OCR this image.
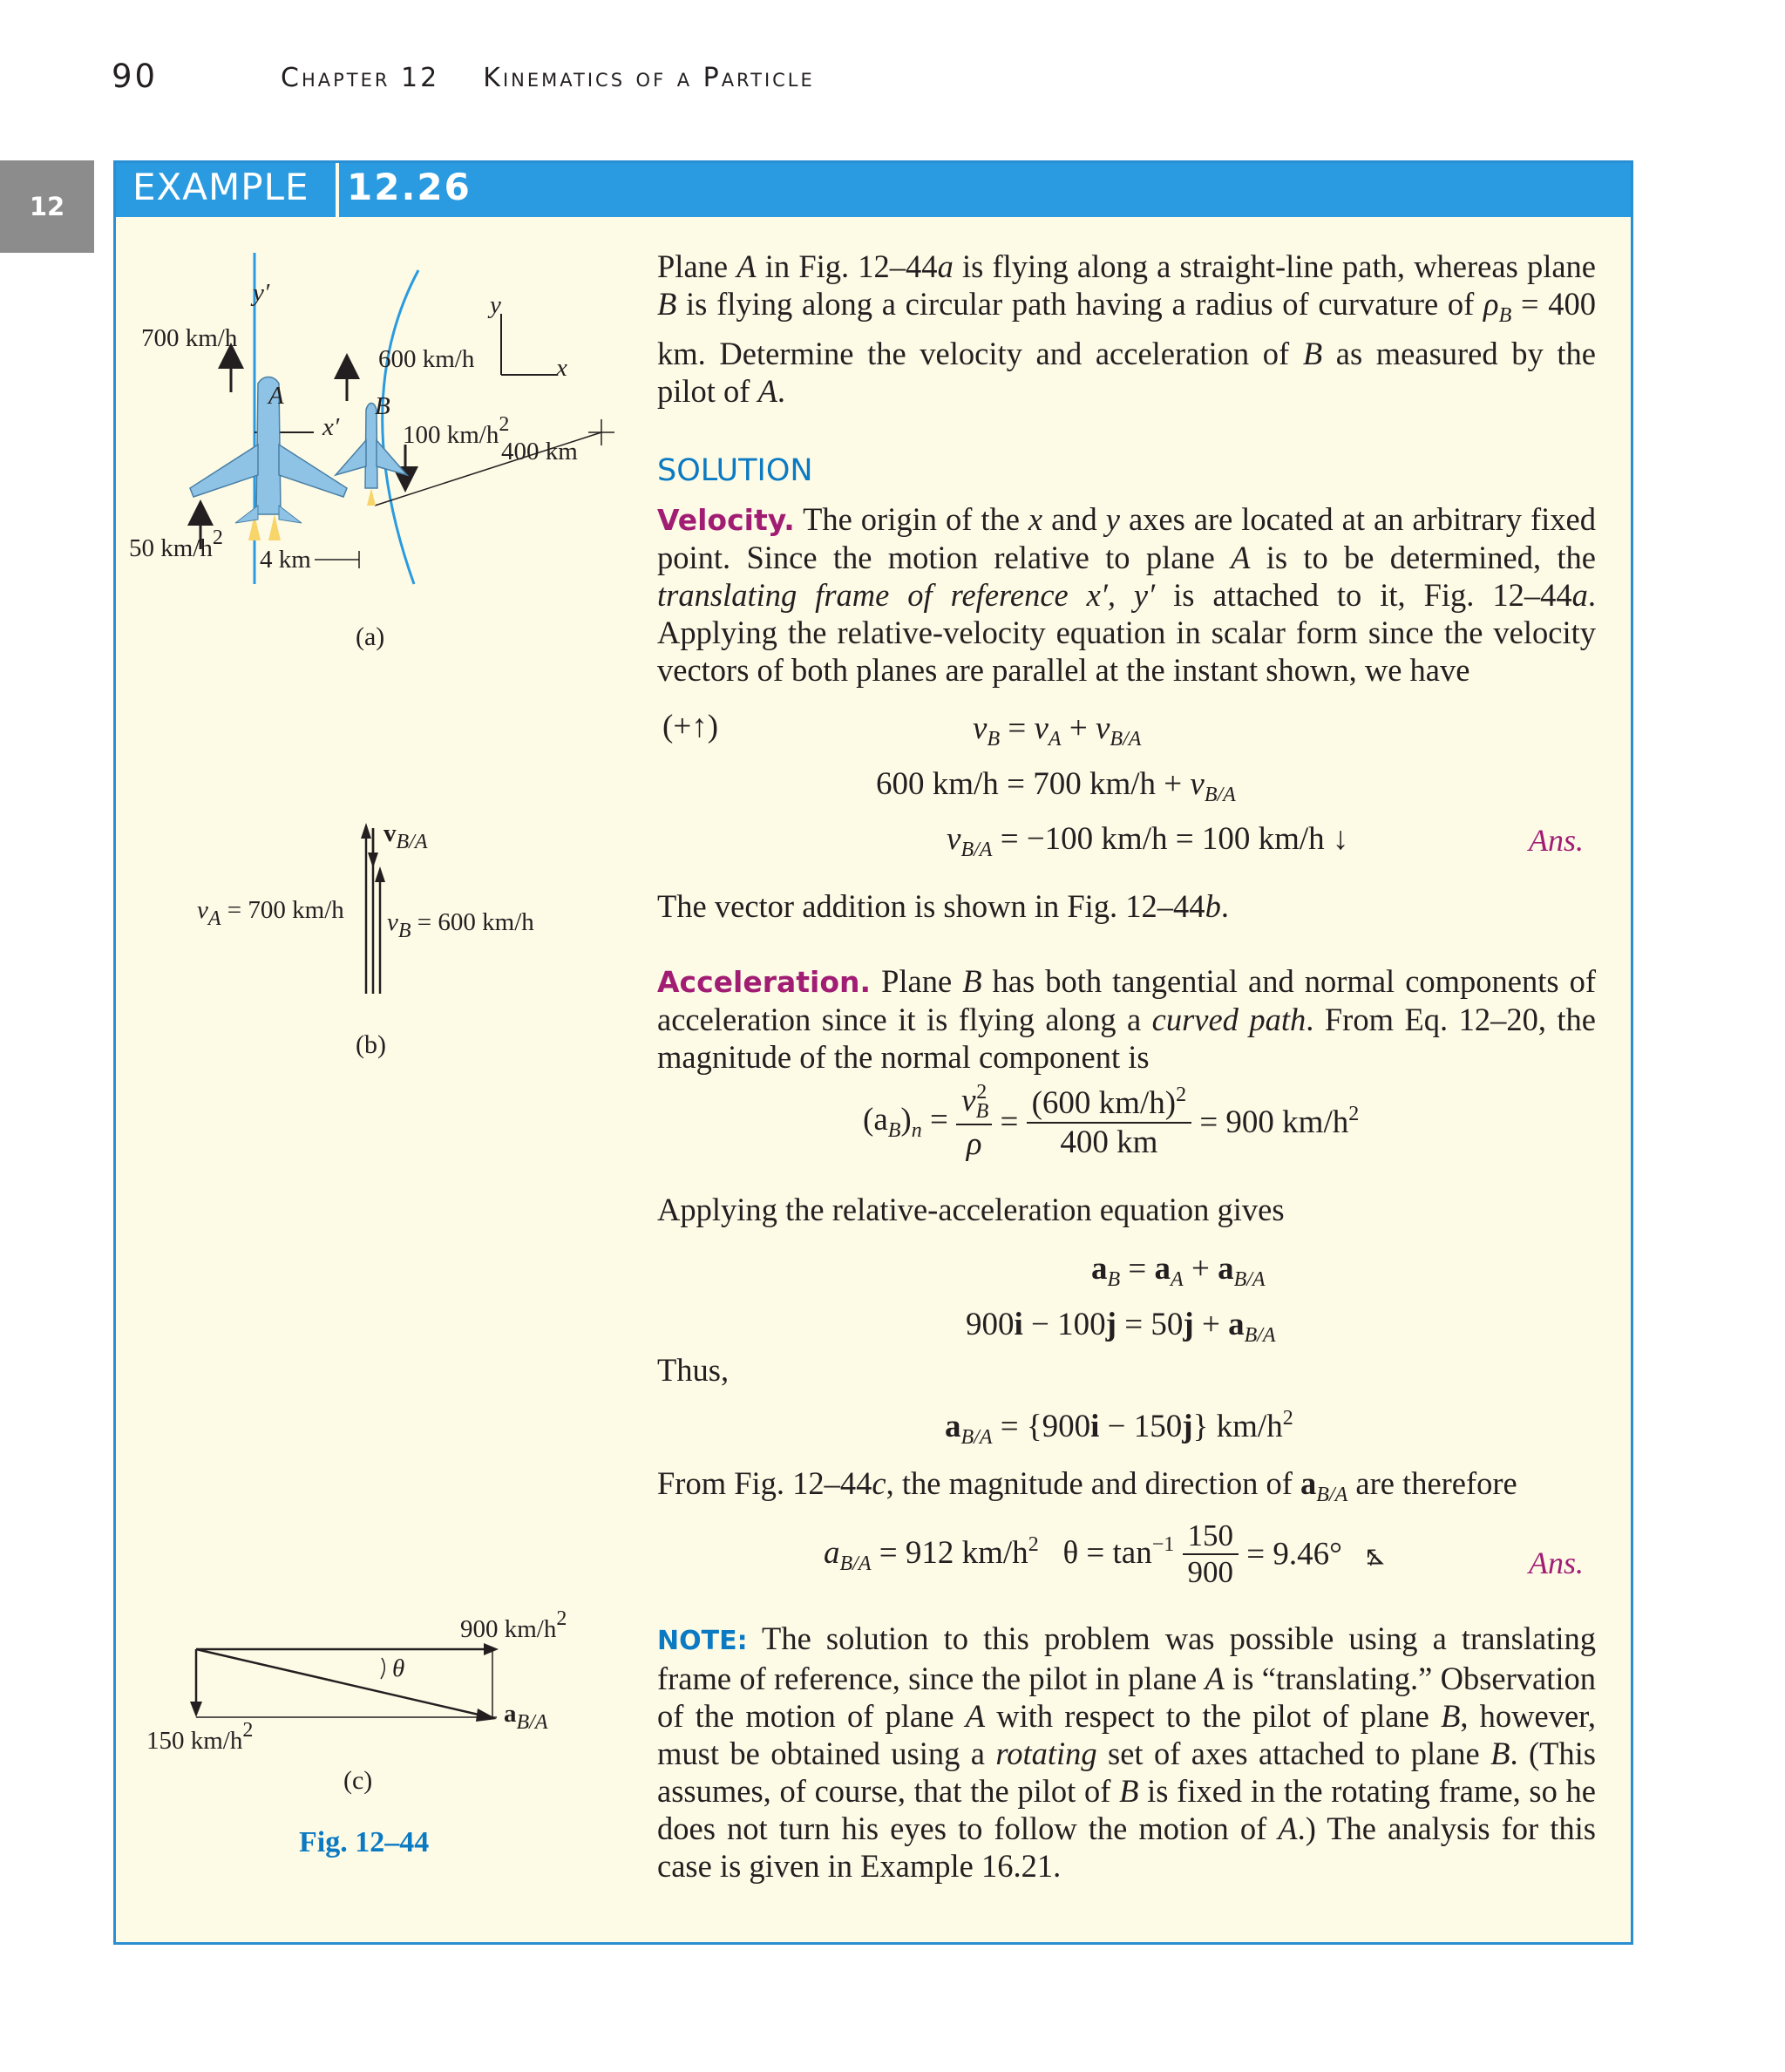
90	Chapter 12    Kinematics of a Particle
12	EXAMPLE 12.26
Plane A in Fig. 12–44a is flying along a straight-line path, whereas plane B is flying along a circular path having a radius of curvature of $\rho_B = 400$ km. Determine the velocity and acceleration of B as measured by the pilot of A.
SOLUTION
Velocity. The origin of the x and y axes are located at an arbitrary fixed point. Since the motion relative to plane A is to be determined, the translating frame of reference x′, y′ is attached to it, Fig. 12–44a. Applying the relative-velocity equation in scalar form since the velocity vectors of both planes are parallel at the instant shown, we have
(+↑)	$v_B = v_A + v_{B/A}$
600 km/h = 700 $km/h + v_{B/A}$
$v_{B/A} = -100$ km/h = 100 km/h ↓	Ans.
The vector addition is shown in Fig. 12–44b.
Acceleration. Plane B has both tangential and normal components of acceleration since it is flying along a curved path. From Eq. 12–20, the magnitude of the normal component is
$(a_B)_n = \frac{v_B^2}{\rho} = \frac{(600 km/h)^2}{400 km} = 900$ $km/h^2$
Applying the relative-acceleration equation gives
$a_B = a_A + a_{B/A}$
$900i - 100j = 50j + a_{B/A}$
Thus,
$a_{B/A} = \{900i - 150j\}$ $km/h^2$
From Fig. 12–44c, the magnitude and direction of $a_{B/A}$ are therefore
$a_{B/A} = 912$ $km/h^2$ $\theta = \tan^{-1} \frac{150}{900} = 9.46^\circ$ ⦩	Ans.
NOTE: The solution to this problem was possible using a translating frame of reference, since the pilot in plane A is “translating.” Observation of the motion of plane A with respect to the pilot of plane B, however, must be obtained using a rotating set of axes attached to plane B. (This assumes, of course, that the pilot of B is fixed in the rotating frame, so he does not turn his eyes to follow the motion of A.) The analysis for this case is given in Example 16.21.
y′	y
x
x′
700 km/h
600 km/h
A	B
100 $km/h^2$
400 km
50 $km/h^2$
4 km
(a)
$v_{B/A}$
$v_A = 700$ km/h $v_B = 600$ km/h
(b)
900 $km/h^2$
θ
$a_{B/A}$
150 $km/h^2$
(c)
Fig. 12–44
